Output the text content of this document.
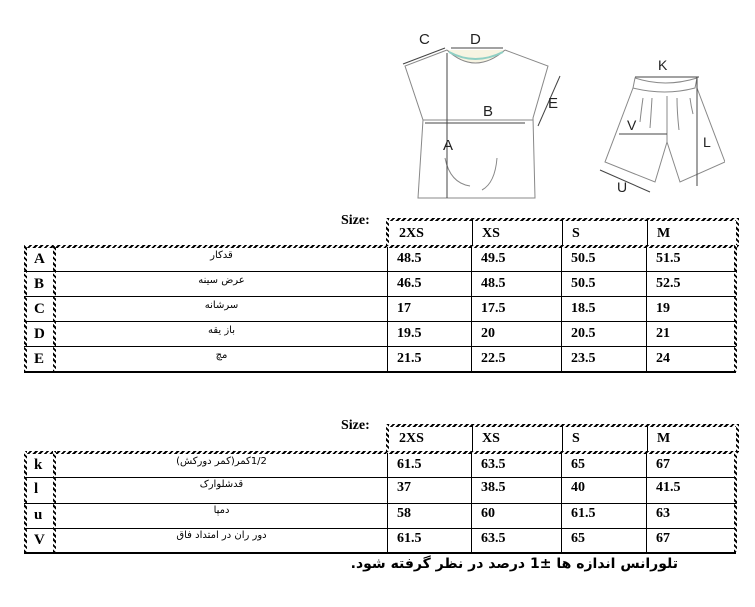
C	D
E
B
A
K
V
L
U
Size:
2XS	XS	S	M
A	قدکار	48.5	49.5	50.5	51.5
B	عرض سینه	46.5	48.5	50.5	52.5
C	سرشانه	17	17.5	18.5	19
D	باز یقه	19.5	20	20.5	21
E	مچ	21.5	22.5	23.5	24
Size:
2XS	XS	S	M
k	1/2کمر(کمر دورکش)	61.5	63.5	65	67
l	قدشلوارک	37	38.5	40	41.5
u	دمپا	58	60	61.5	63
V	دور ران در امتداد فاق	61.5	63.5	65	67
تلورانس اندازه ها ±1 درصد در نظر گرفته شود.
